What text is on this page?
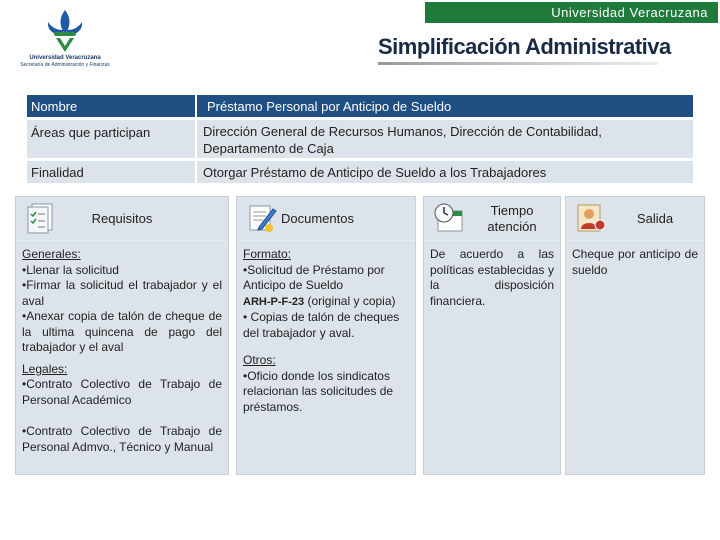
Universidad Veracruzana
Secretaría de Administración y Finanzas
Universidad Veracruzana
Simplificación Administrativa
Nombre	Préstamo Personal por Anticipo de Sueldo
Áreas que participan	Dirección General de Recursos Humanos, Dirección de Contabilidad,
Departamento de Caja
Finalidad	Otorgar Préstamo de Anticipo de Sueldo a los Trabajadores
Requisitos
Generales:
•Llenar la solicitud
•Firmar la solicitud el trabajador y el aval
•Anexar copia de talón de cheque de la ultima quincena de pago del trabajador y el aval
Legales:
•Contrato Colectivo de Trabajo de Personal Académico
•Contrato Colectivo de Trabajo de Personal Admvo., Técnico y Manual
Documentos
Formato:
•Solicitud de Préstamo por Anticipo de Sueldo
ARH-P-F-23 (original y copia)
• Copias de talón de cheques del trabajador y aval.
Otros:
•Oficio donde los sindicatos relacionan las solicitudes de préstamos.
Tiempo
atención
De acuerdo a las políticas establecidas y la disposición financiera.
Salida
Cheque por anticipo de sueldo
